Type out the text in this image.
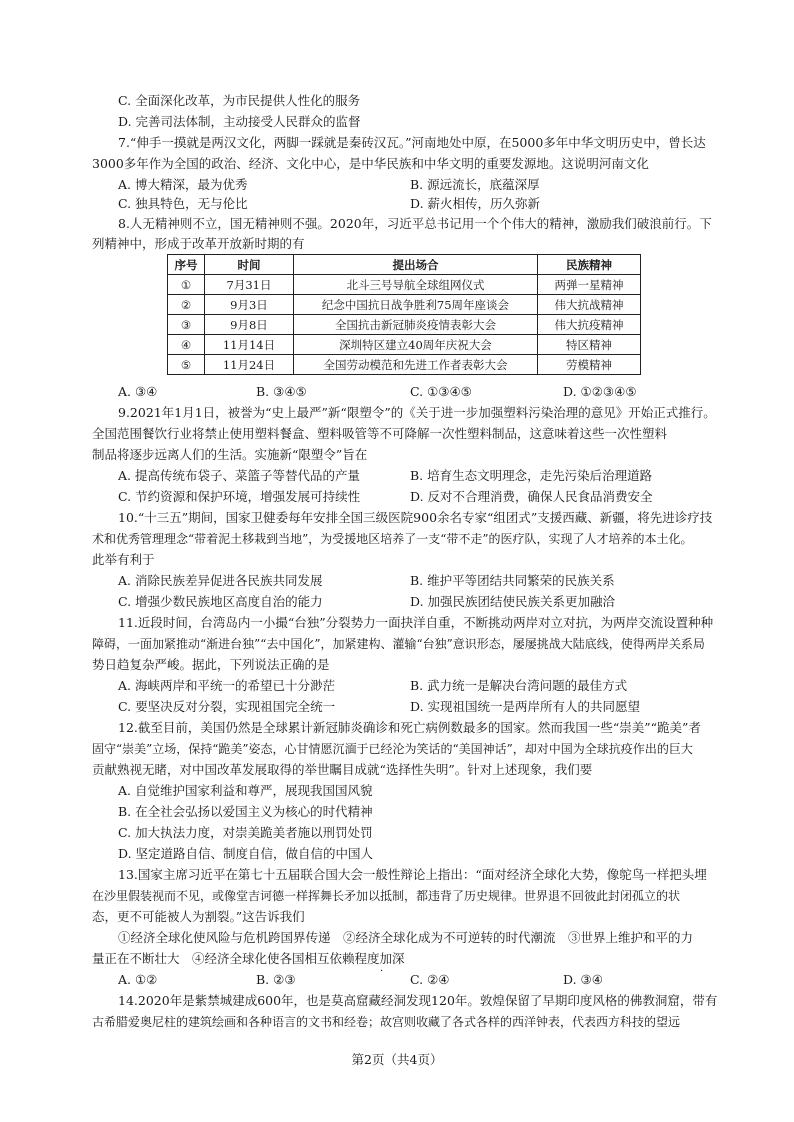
C. 全面深化改革，为市民提供人性化的服务
D. 完善司法体制，主动接受人民群众的监督
7.“伸手一摸就是两汉文化，两脚一踩就是秦砖汉瓦。”河南地处中原，在5000多年中华文明历史中，曾长达
3000多年作为全国的政治、经济、文化中心，是中华民族和中华文明的重要发源地。这说明河南文化
A. 博大精深，最为优秀	B. 源远流长，底蕴深厚
C. 独具特色，无与伦比	D. 薪火相传，历久弥新
8.人无精神则不立，国无精神则不强。2020年，习近平总书记用一个个伟大的精神，激励我们破浪前行。下
列精神中，形成于改革开放新时期的有
序号	时间	提出场合	民族精神
①	7月31日	北斗三号导航全球组网仪式	两弹一星精神
②	9月3日	纪念中国抗日战争胜利75周年座谈会	伟大抗战精神
③	9月8日	全国抗击新冠肺炎疫情表彰大会	伟大抗疫精神
④	11月14日	深圳特区建立40周年庆祝大会	特区精神
⑤	11月24日	全国劳动模范和先进工作者表彰大会	劳模精神
A. ③④	B. ③④⑤	C. ①③④⑤	D. ①②③④⑤
9.2021年1月1日，被誉为“史上最严”新“限塑令”的《关于进一步加强塑料污染治理的意见》开始正式推行。
全国范围餐饮行业将禁止使用塑料餐盒、塑料吸管等不可降解一次性塑料制品，这意味着这些一次性塑料
制品将逐步远离人们的生活。实施新“限塑令”旨在
A. 提高传统布袋子、菜篮子等替代品的产量	B. 培育生态文明理念，走先污染后治理道路
C. 节约资源和保护环境，增强发展可持续性	D. 反对不合理消费，确保人民食品消费安全
10.“十三五”期间，国家卫健委每年安排全国三级医院900余名专家“组团式”支援西藏、新疆，将先进诊疗技
术和优秀管理理念“带着泥土移栽到当地”，为受援地区培养了一支“带不走”的医疗队，实现了人才培养的本土化。
此举有利于
A. 消除民族差异促进各民族共同发展	B. 维护平等团结共同繁荣的民族关系
C. 增强少数民族地区高度自治的能力	D. 加强民族团结使民族关系更加融洽
11.近段时间，台湾岛内一小撮“台独”分裂势力一面抉洋自重，不断挑动两岸对立对抗，为两岸交流设置种种
障碍，一面加紧推动“渐进台独”“去中国化”，加紧建构、灌输“台独”意识形态，屡屡挑战大陆底线，使得两岸关系局
势日趋复杂严峻。据此，下列说法正确的是
A. 海峡两岸和平统一的希望已十分渺茫	B. 武力统一是解决台湾问题的最佳方式
C. 要坚决反对分裂，实现祖国完全统一	D. 实现祖国统一是两岸所有人的共同愿望
12.截至目前，美国仍然是全球累计新冠肺炎确诊和死亡病例数最多的国家。然而我国一些“崇美”“跪美”者
固守“崇美”立场，保持“跪美”姿态，心甘情愿沉湎于已经沦为笑话的“美国神话”，却对中国为全球抗疫作出的巨大
贡献熟视无睹，对中国改革发展取得的举世瞩目成就“选择性失明”。针对上述现象，我们要
A. 自觉维护国家利益和尊严，展现我国国风貌
B. 在全社会弘扬以爱国主义为核心的时代精神
C. 加大执法力度，对崇美跪美者施以刑罚处罚
D. 坚定道路自信、制度自信，做自信的中国人
13.国家主席习近平在第七十五届联合国大会一般性辩论上指出：“面对经济全球化大势，像鸵鸟一样把头埋
在沙里假装视而不见，或像堂吉诃德一样挥舞长矛加以抵制，都违背了历史规律。世界退不回彼此封闭孤立的状
态，更不可能被人为割裂。”这告诉我们
①经济全球化使风险与危机跨国界传递　②经济全球化成为不可逆转的时代潮流　③世界上维护和平的力
量正在不断壮大　④经济全球化使各国相互依赖程度加深
A. ①②	B. ②③	C. ②④	D. ③④
·
14.2020年是紫禁城建成600年，也是莫高窟藏经洞发现120年。敦煌保留了早期印度风格的佛教洞窟，带有
古希腊爱奥尼柱的建筑绘画和各种语言的文书和经卷；故宫则收藏了各式各样的西洋钟表，代表西方科技的望远
第2页（共4页）
